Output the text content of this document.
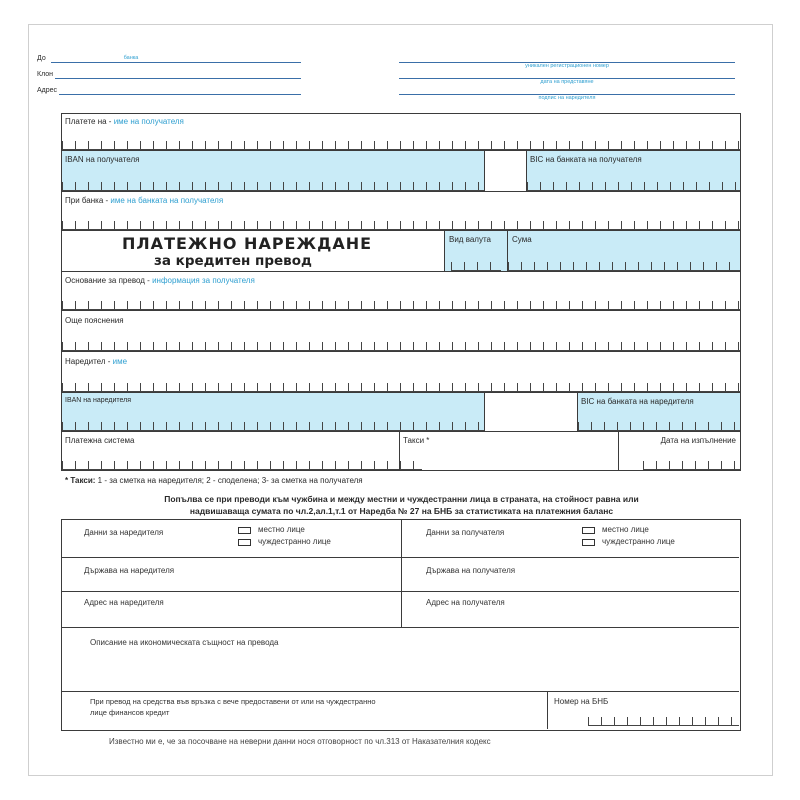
До	банка
Клон
Адрес
уникален регистрационен номер
дата на представяне
подпис на наредителя
Платете на - име на получателя
IBAN на получателя	BIC на банката на получателя
При банка - име на банката на получателя
ПЛАТЕЖНО НАРЕЖДАНЕ
за кредитен превод
Вид валута	Сума
Основание за превод - информация за получателя
Още пояснения
Наредител - име
IBAN на наредителя	BIC на банката на наредителя
Платежна система	Такси *	Дата на изпълнение
* Такси: 1 - за сметка на наредителя; 2 - споделена; 3- за сметка на получателя
Попълва се при преводи към чужбина и между местни и чуждестранни лица в страната, на стойност равна или
надвишаваща сумата по чл.2,ал.1,т.1 от Наредба № 27 на БНБ за статистиката на платежния баланс
Данни за наредителя	местно лице
чуждестранно лице
Данни за получателя	местно лице
чуждестранно лице
Държава на наредителя	Държава на получателя
Адрес на наредителя	Адрес на получателя
Описание на икономическата същност на превода
При превод на средства във връзка с вече предоставени от или на чуждестранно
лице финансов кредит
Номер на БНБ
Известно ми е, че за посочване на неверни данни нося отговорност по чл.313 от Наказателния кодекс
